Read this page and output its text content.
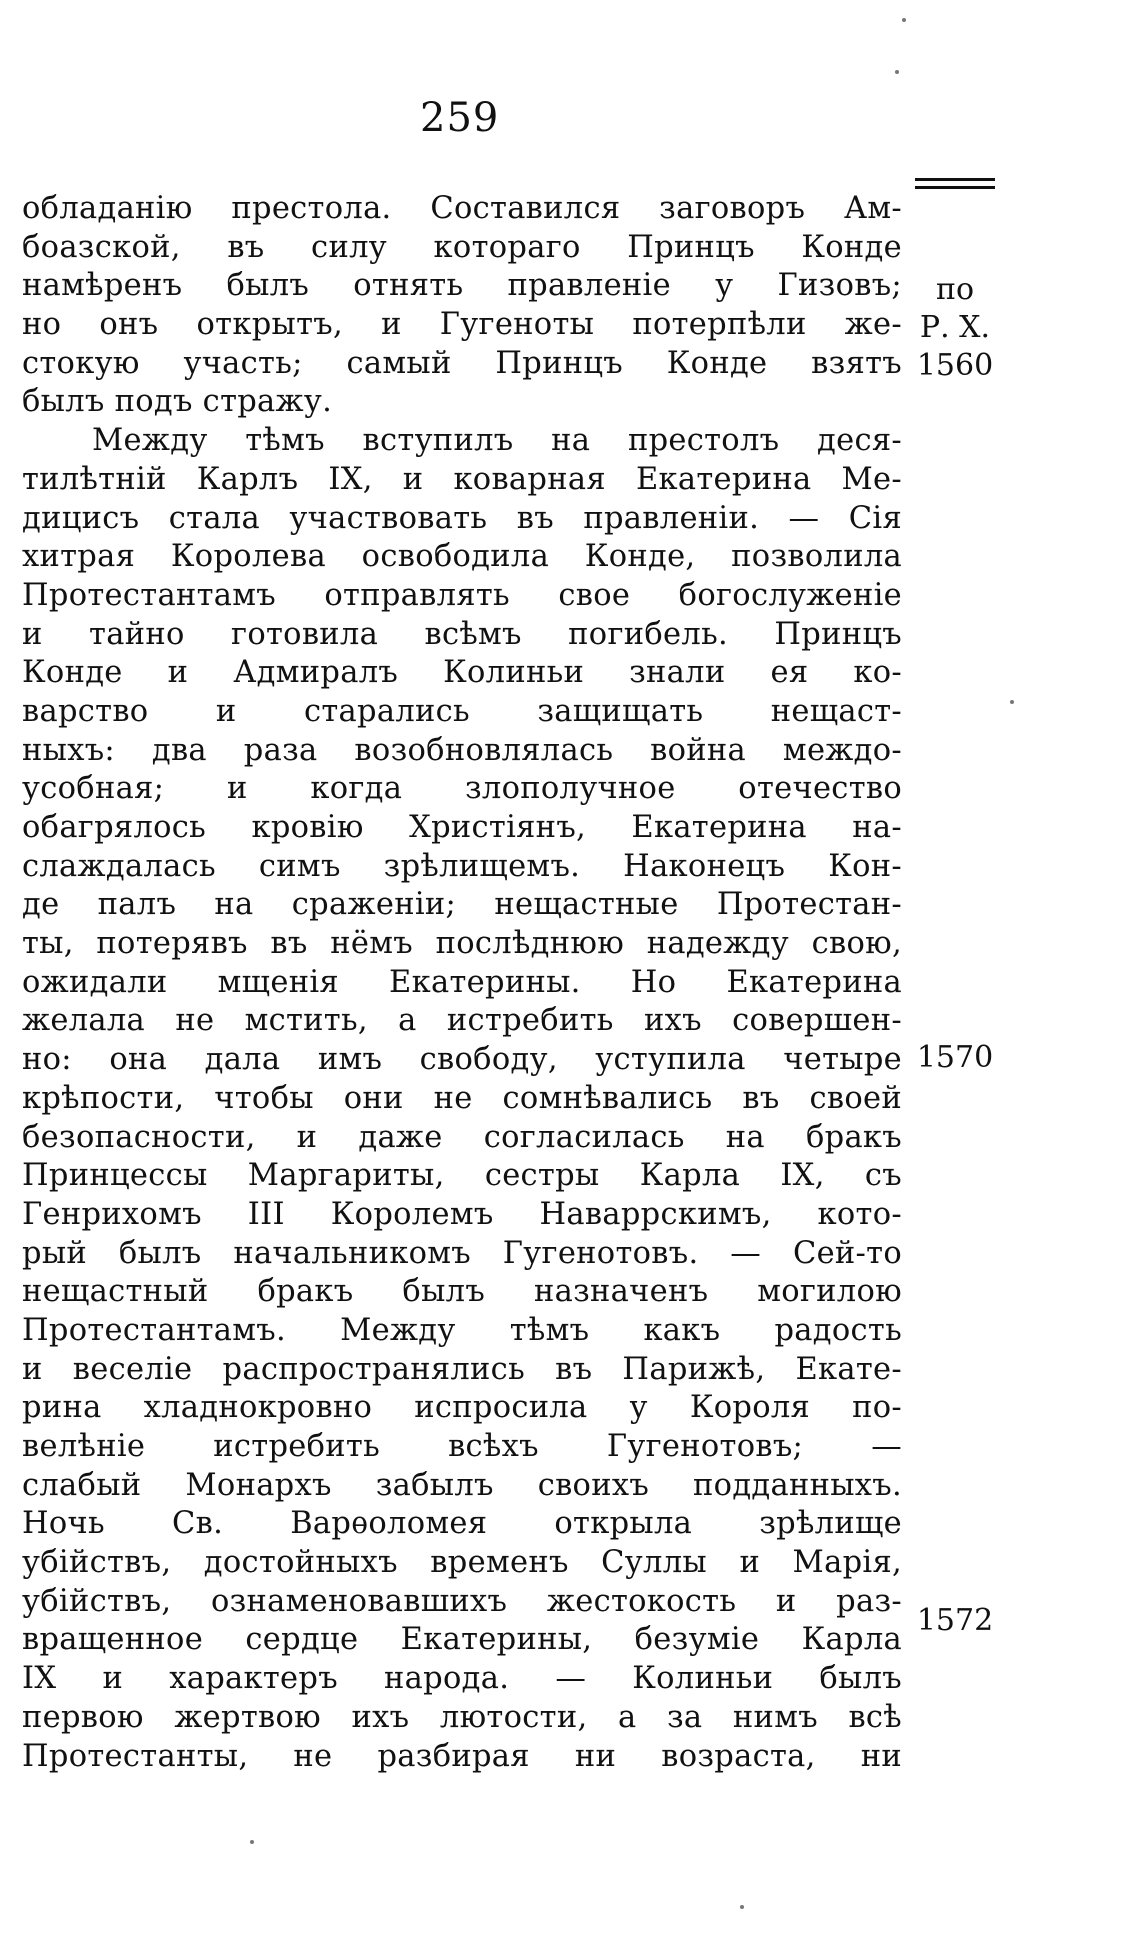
259
по
Р. Х.
1560
1570
1572
обладанію престола. Составился заговоръ Ам-
боазской, въ силу котораго Принцъ Конде
намѣренъ былъ отнять правленіе у Гизовъ;
но онъ открытъ, и Гугеноты потерпѣли же-
стокую участь; самый Принцъ Конде взятъ
былъ подъ стражу.
Между тѣмъ вступилъ на престолъ деся-
тилѣтній Карлъ IX, и коварная Екатерина Ме-
дицисъ стала участвовать въ правленіи. — Сія
хитрая Королева освободила Конде, позволила
Протестантамъ отправлять свое богослуженіе
и тайно готовила всѣмъ погибель. Принцъ
Конде и Адмиралъ Колиньи знали ея ко-
варство и старались защищать нещаст-
ныхъ: два раза возобновлялась война междо-
усобная; и когда злополучное отечество
обагрялось кровію Христіянъ, Екатерина на-
слаждалась симъ зрѣлищемъ. Наконецъ Кон-
де палъ на сраженіи; нещастные Протестан-
ты, потерявъ въ нёмъ послѣднюю надежду свою,
ожидали мщенія Екатерины. Но Екатерина
желала не мстить, а истребить ихъ совершен-
но: она дала имъ свободу, уступила четыре
крѣпости, чтобы они не сомнѣвались въ своей
безопасности, и даже согласилась на бракъ
Принцессы Маргариты, сестры Карла IX, съ
Генрихомъ III Королемъ Наваррскимъ, кото-
рый былъ начальникомъ Гугенотовъ. — Сей-то
нещастный бракъ былъ назначенъ могилою
Протестантамъ. Между тѣмъ какъ радость
и веселіе распространялись въ Парижѣ, Екате-
рина хладнокровно испросила у Короля по-
велѣніе истребить всѣхъ Гугенотовъ; —
слабый Монархъ забылъ своихъ подданныхъ.
Ночь Св. Варѳоломея открыла зрѣлище
убійствъ, достойныхъ временъ Суллы и Марія,
убійствъ, ознаменовавшихъ жестокость и раз-
вращенное сердце Екатерины, безуміе Карла
IX и характеръ народа. — Колиньи былъ
первою жертвою ихъ лютости, а за нимъ всѣ
Протестанты, не разбирая ни возраста, ни
